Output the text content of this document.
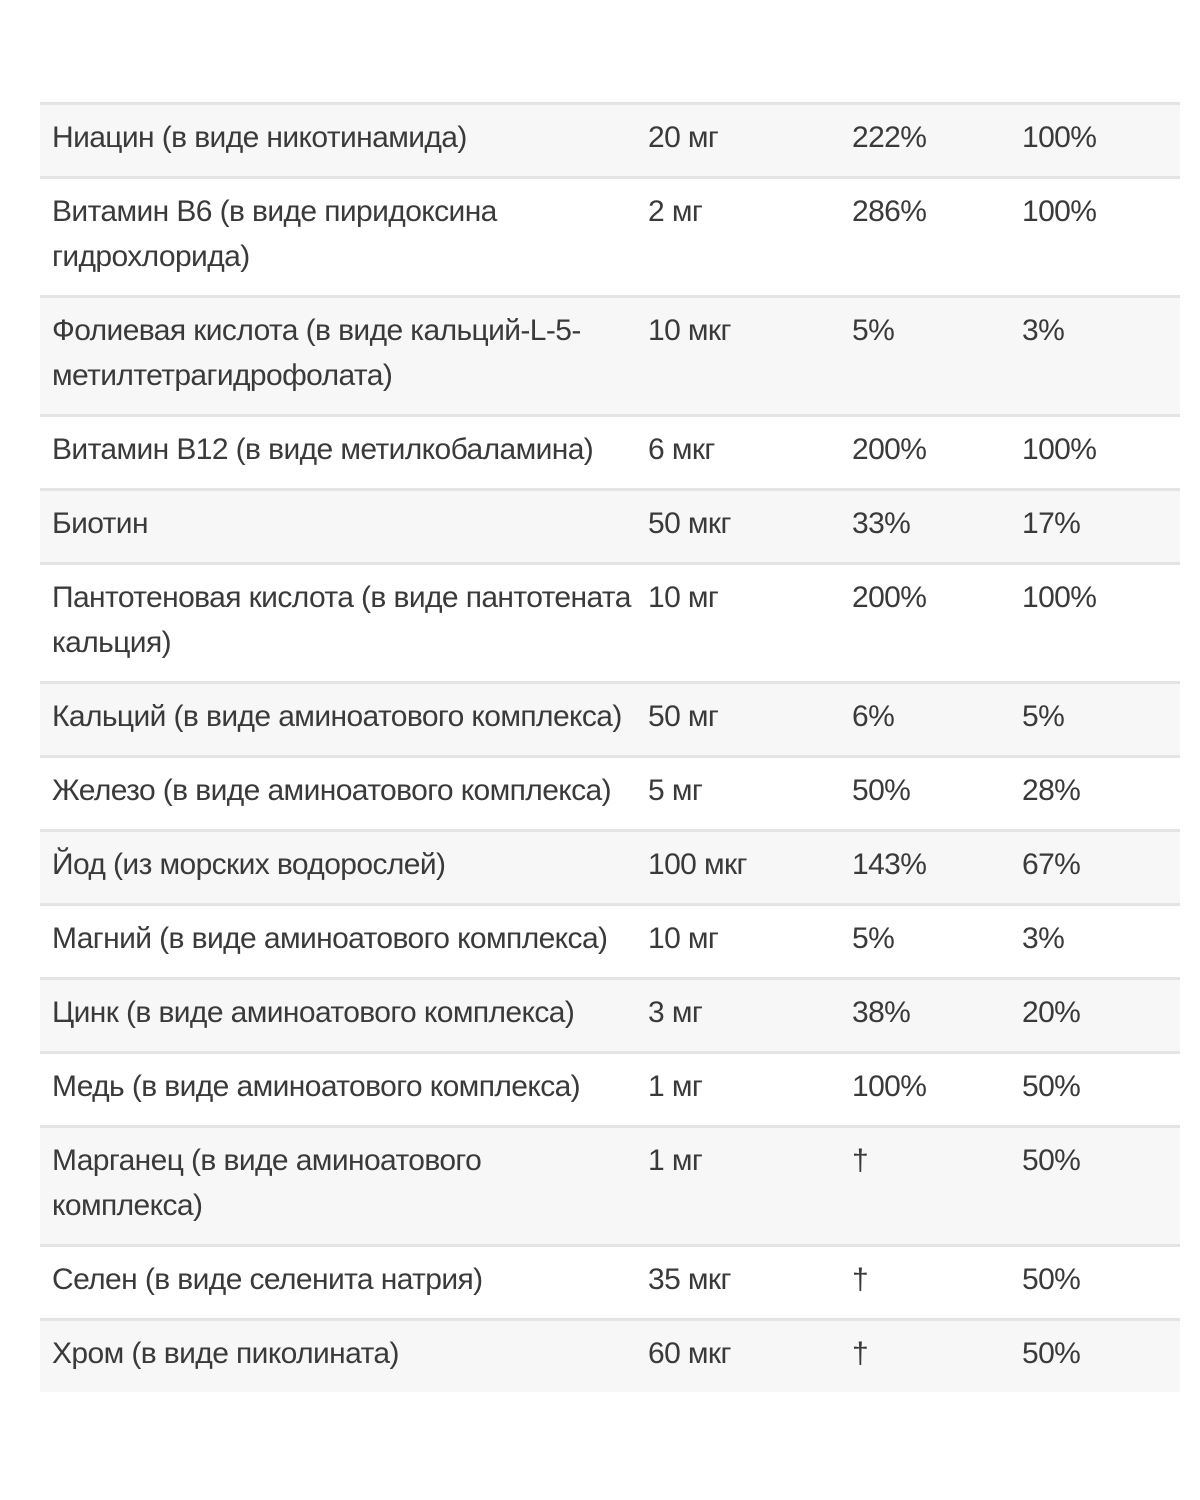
Ниацин (в виде никотинамида)	20 мг	222%	100%
Витамин B6 (в виде пиридоксина гидрохлорида)	2 мг	286%	100%
Фолиевая кислота (в виде кальций-L-5-метилтетрагидрофолата)	10 мкг	5%	3%
Витамин B12 (в виде метилкобаламина)	6 мкг	200%	100%
Биотин	50 мкг	33%	17%
Пантотеновая кислота (в виде пантотената кальция)	10 мг	200%	100%
Кальций (в виде аминоатового комплекса)	50 мг	6%	5%
Железо (в виде аминоатового комплекса)	5 мг	50%	28%
Йод (из морских водорослей)	100 мкг	143%	67%
Магний (в виде аминоатового комплекса)	10 мг	5%	3%
Цинк (в виде аминоатового комплекса)	3 мг	38%	20%
Медь (в виде аминоатового комплекса)	1 мг	100%	50%
Марганец (в виде аминоатового комплекса)	1 мг	†	50%
Селен (в виде селенита натрия)	35 мкг	†	50%
Хром (в виде пиколината)	60 мкг	†	50%
